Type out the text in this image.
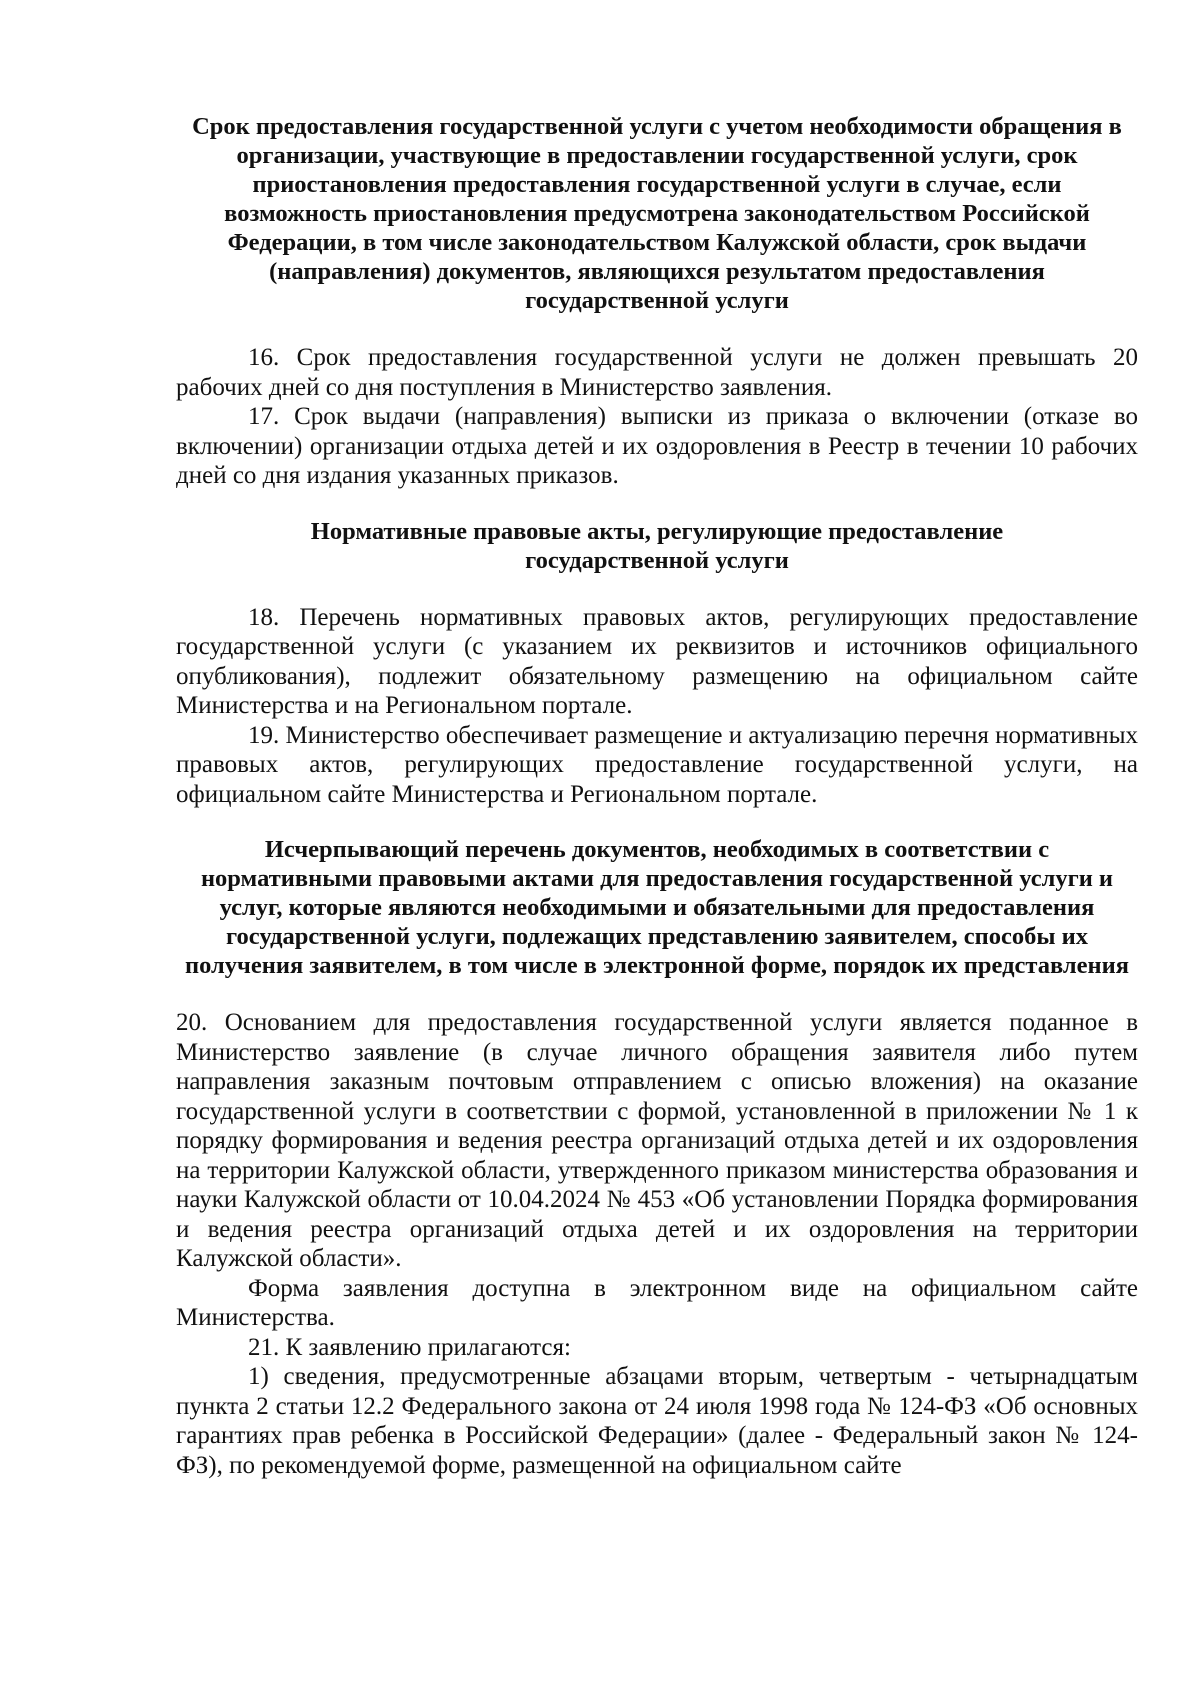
Срок предоставления государственной услуги с учетом необходимости обращения в организации, участвующие в предоставлении государственной услуги, срок приостановления предоставления государственной услуги в случае, если возможность приостановления предусмотрена законодательством Российской Федерации, в том числе законодательством Калужской области, срок выдачи (направления) документов, являющихся результатом предоставления государственной услуги

16. Срок предоставления государственной услуги не должен превышать 20 рабочих дней со дня поступления в Министерство заявления.

17. Срок выдачи (направления) выписки из приказа о включении (отказе во включении) организации отдыха детей и их оздоровления в Реестр в течении 10 рабочих дней со дня издания указанных приказов.

Нормативные правовые акты, регулирующие предоставление государственной услуги

18. Перечень нормативных правовых актов, регулирующих предоставление государственной услуги (с указанием их реквизитов и источников официального опубликования), подлежит обязательному размещению на официальном сайте Министерства и на Региональном портале.

19. Министерство обеспечивает размещение и актуализацию перечня нормативных правовых актов, регулирующих предоставление государственной услуги, на официальном сайте Министерства и Региональном портале.

Исчерпывающий перечень документов, необходимых в соответствии с нормативными правовыми актами для предоставления государственной услуги и услуг, которые являются необходимыми и обязательными для предоставления государственной услуги, подлежащих представлению заявителем, способы их получения заявителем, в том числе в электронной форме, порядок их представления

20. Основанием для предоставления государственной услуги является поданное в Министерство заявление (в случае личного обращения заявителя либо путем направления заказным почтовым отправлением с описью вложения) на оказание государственной услуги в соответствии с формой, установленной в приложении № 1 к порядку формирования и ведения реестра организаций отдыха детей и их оздоровления на территории Калужской области, утвержденного приказом министерства образования и науки Калужской области от 10.04.2024 № 453 «Об установлении Порядка формирования и ведения реестра организаций отдыха детей и их оздоровления на территории Калужской области».

Форма заявления доступна в электронном виде на официальном сайте Министерства.

21. К заявлению прилагаются:

1) сведения, предусмотренные абзацами вторым, четвертым - четырнадцатым пункта 2 статьи 12.2 Федерального закона от 24 июля 1998 года № 124-ФЗ «Об основных гарантиях прав ребенка в Российской Федерации» (далее - Федеральный закон № 124-ФЗ), по рекомендуемой форме, размещенной на официальном сайте
